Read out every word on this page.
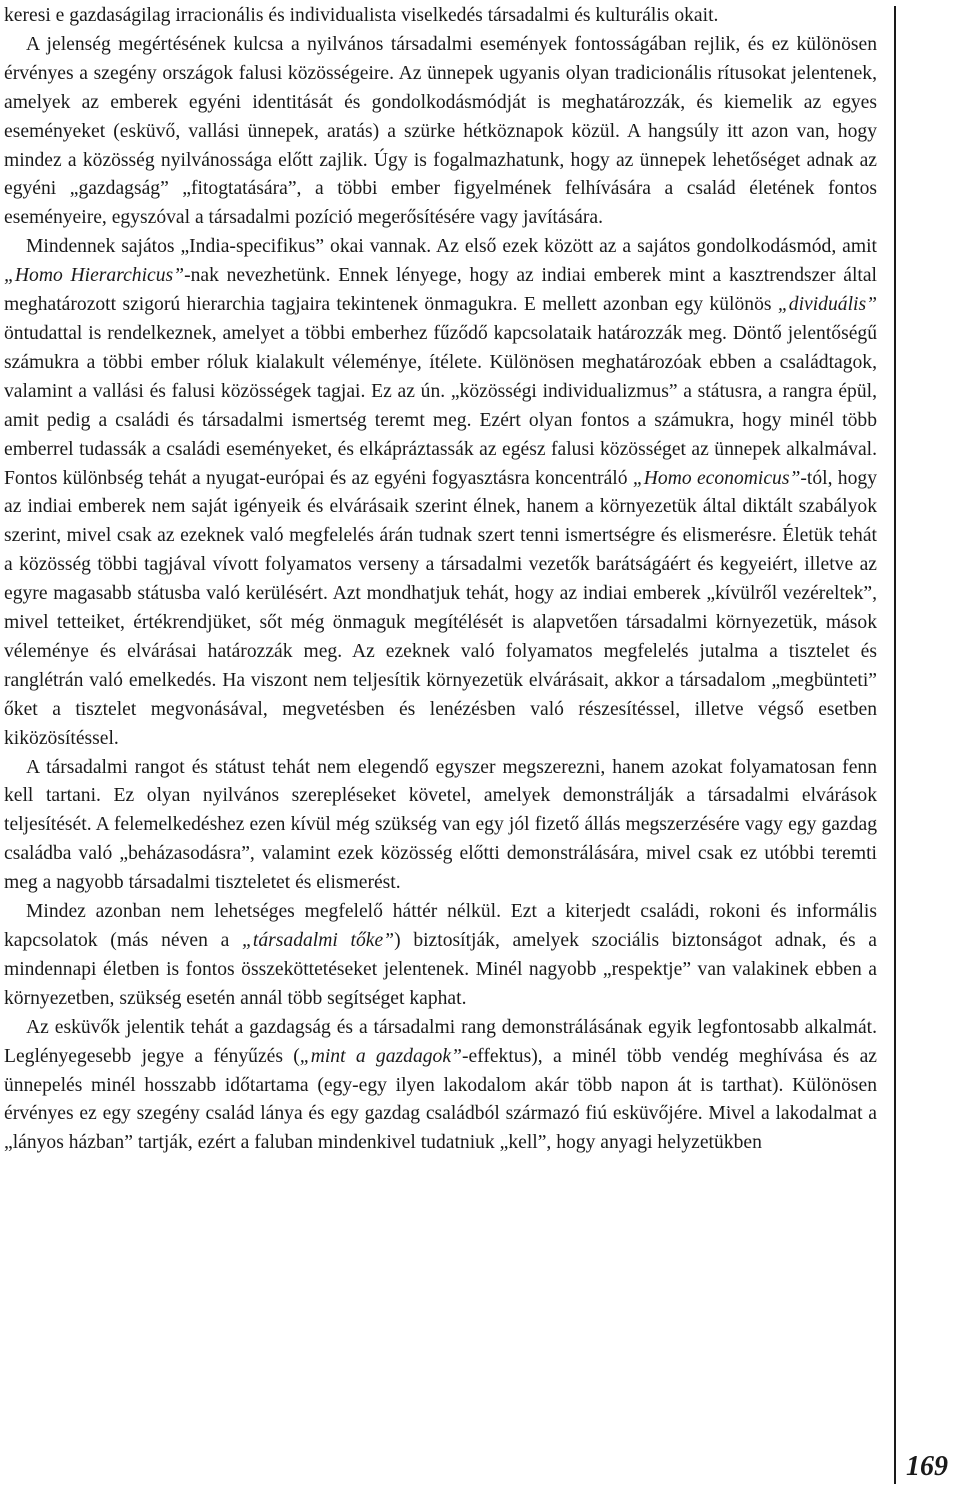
keresi e gazdaságilag irracionális és individualista viselkedés társadalmi és kulturális okait.

A jelenség megértésének kulcsa a nyilvános társadalmi események fontosságában rejlik, és ez különösen érvényes a szegény országok falusi közösségeire. Az ünnepek ugyanis olyan tradicionális rítusokat jelentenek, amelyek az emberek egyéni identitását és gondolkodásmódját is meghatározzák, és kiemelik az egyes eseményeket (esküvő, vallási ünnepek, aratás) a szürke hétköznapok közül. A hangsúly itt azon van, hogy mindez a közösség nyilvánossága előtt zajlik. Úgy is fogalmazhatunk, hogy az ünnepek lehetőséget adnak az egyéni „gazdagság” „fitogtatására”, a többi ember figyelmének felhívására a család életének fontos eseményeire, egyszóval a társadalmi pozíció megerősítésére vagy javítására.

Mindennek sajátos „India-specifikus” okai vannak. Az első ezek között az a sajátos gondolkodásmód, amit „Homo Hierarchicus”-nak nevezhetünk. Ennek lényege, hogy az indiai emberek mint a kasztrendszer által meghatározott szigorú hierarchia tagjaira tekintenek önmagukra. E mellett azonban egy különös „dividuális” öntudattal is rendelkeznek, amelyet a többi emberhez fűződő kapcsolataik határozzák meg. Döntő jelentőségű számukra a többi ember róluk kialakult véleménye, ítélete. Különösen meghatározóak ebben a családtagok, valamint a vallási és falusi közösségek tagjai. Ez az ún. „közösségi individualizmus” a státusra, a rangra épül, amit pedig a családi és társadalmi ismertség teremt meg. Ezért olyan fontos a számukra, hogy minél több emberrel tudassák a családi eseményeket, és elkápráztassák az egész falusi közösséget az ünnepek alkalmával. Fontos különbség tehát a nyugat-európai és az egyéni fogyasztásra koncentráló „Homo economicus”-tól, hogy az indiai emberek nem saját igényeik és elvárásaik szerint élnek, hanem a környezetük által diktált szabályok szerint, mivel csak az ezeknek való megfelelés árán tudnak szert tenni ismertségre és elismerésre. Életük tehát a közösség többi tagjával vívott folyamatos verseny a társadalmi vezetők barátságáért és kegyeiért, illetve az egyre magasabb státusba való kerülésért. Azt mondhatjuk tehát, hogy az indiai emberek „kívülről vezéreltek”, mivel tetteiket, értékrendjüket, sőt még önmaguk megítélését is alapvetően társadalmi környezetük, mások véleménye és elvárásai határozzák meg. Az ezeknek való folyamatos megfelelés jutalma a tisztelet és ranglétrán való emelkedés. Ha viszont nem teljesítik környezetük elvárásait, akkor a társadalom „megbünteti” őket a tisztelet megvonásával, megvetésben és lenézésben való részesítéssel, illetve végső esetben kiközösítéssel.

A társadalmi rangot és státust tehát nem elegendő egyszer megszerezni, hanem azokat folyamatosan fenn kell tartani. Ez olyan nyilvános szerepléseket követel, amelyek demonstrálják a társadalmi elvárások teljesítését. A felemelkedéshez ezen kívül még szükség van egy jól fizető állás megszerzésére vagy egy gazdag családba való „beházasodásra”, valamint ezek közösség előtti demonstrálására, mivel csak ez utóbbi teremti meg a nagyobb társadalmi tiszteletet és elismerést.

Mindez azonban nem lehetséges megfelelő háttér nélkül. Ezt a kiterjedt családi, rokoni és informális kapcsolatok (más néven a „társadalmi tőke”) biztosítják, amelyek szociális biztonságot adnak, és a mindennapi életben is fontos összeköttetéseket jelentenek. Minél nagyobb „respektje” van valakinek ebben a környezetben, szükség esetén annál több segítséget kaphat.

Az esküvők jelentik tehát a gazdagság és a társadalmi rang demonstrálásának egyik legfontosabb alkalmát. Leglényegesebb jegye a fényűzés („mint a gazdagok”-effektus), a minél több vendég meghívása és az ünnepelés minél hosszabb időtartama (egy-egy ilyen lakodalom akár több napon át is tarthat). Különösen érvényes ez egy szegény család lánya és egy gazdag családból származó fiú esküvőjére. Mivel a lakodalmat a „lányos házban” tartják, ezért a faluban mindenkivel tudatniuk „kell”, hogy anyagi helyzetükben

169
